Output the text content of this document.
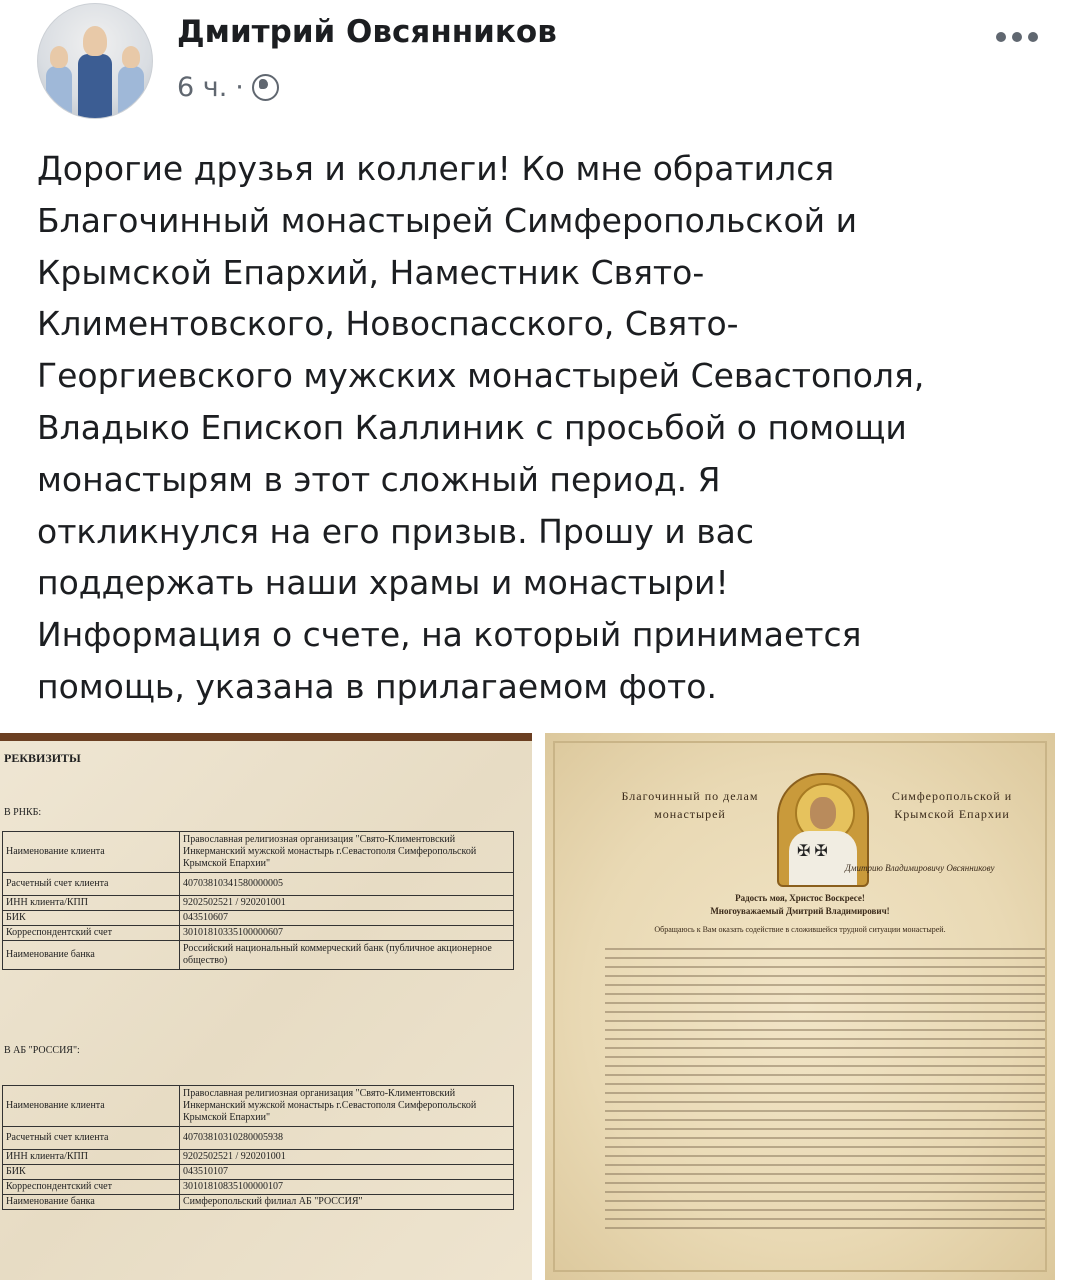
Дмитрий Овсянников
6 ч. ·
Дорогие друзья и коллеги! Ко мне обратился
Благочинный монастырей Симферопольской и
Крымской Епархий, Наместник Свято-
Климентовского, Новоспасского, Свято-
Георгиевского мужских монастырей Севастополя,
Владыко Епископ Каллиник с просьбой о помощи
монастырям в этот сложный период. Я
откликнулся на его призыв. Прошу и вас
поддержать наши храмы и монастыри!
Информация о счете, на который принимается
помощь, указана в прилагаемом фото.
РЕКВИЗИТЫ
В РНКБ:
Наименование клиента	Православная религиозная организация "Свято-Климентовский Инкерманский мужской монастырь г.Севастополя Симферопольской Крымской Епархии"
Расчетный счет клиента	40703810341580000005
ИНН клиента/КПП	9202502521 / 920201001
БИК	043510607
Корреспондентский счет	30101810335100000607
Наименование банка	Российский национальный коммерческий банк (публичное акционерное общество)
В АБ "РОССИЯ":
Наименование клиента	Православная религиозная организация "Свято-Климентовский Инкерманский мужской монастырь г.Севастополя Симферопольской Крымской Епархии"
Расчетный счет клиента	40703810310280005938
ИНН клиента/КПП	9202502521 / 920201001
БИК	043510107
Корреспондентский счет	30101810835100000107
Наименование банка	Симферопольский филиал АБ "РОССИЯ"
Благочинный по делам монастырей
✠ ✠
Симферопольской и Крымской Епархии
Дмитрию Владимировичу Овсянникову
Радость моя, Христос Воскресе!
Многоуважаемый Дмитрий Владимирович!
Обращаюсь к Вам оказать содействие в сложившейся трудной ситуации монастырей.
